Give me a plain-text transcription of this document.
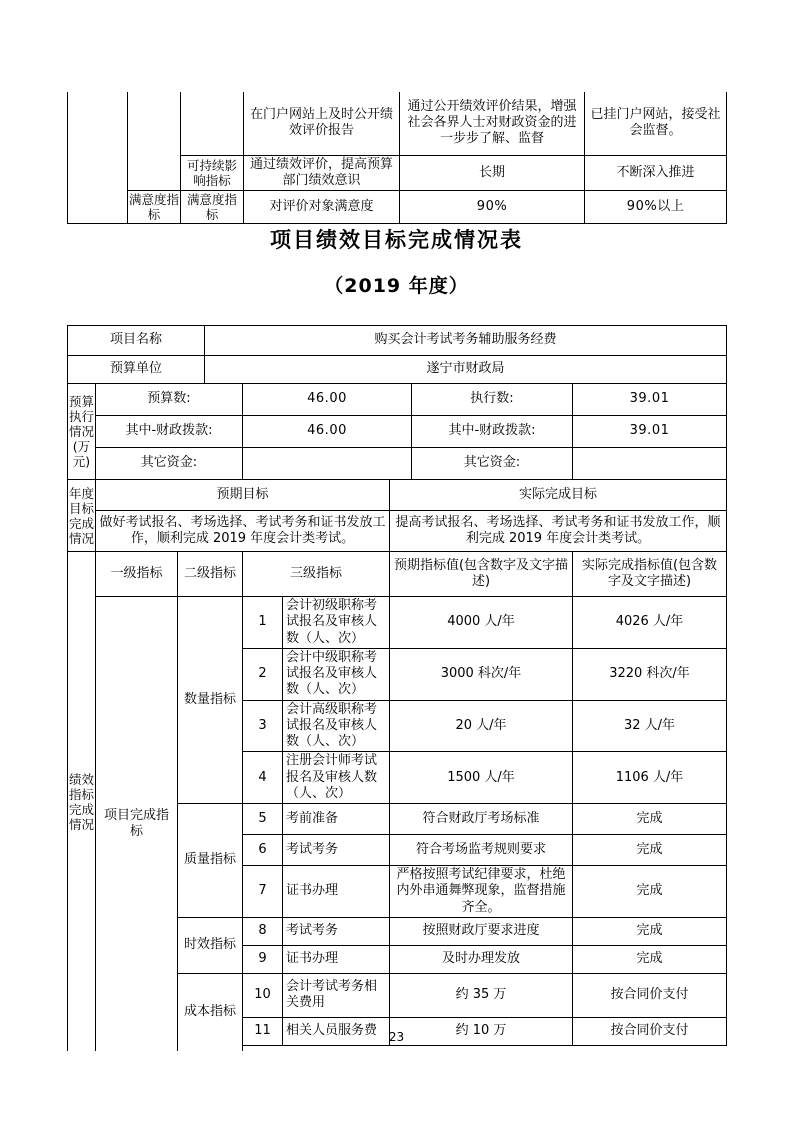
			在门户网站上及时公开绩效评价报告	通过公开绩效评价结果，增强社会各界人士对财政资金的进一步步了解、监督	已挂门户网站，接受社会监督。
		可持续影响指标	通过绩效评价，提高预算部门绩效意识	长期	不断深入推进
	满意度指标	满意度指标	对评价对象满意度	90%	90%以上
项目绩效目标完成情况表
（2019 年度）
项目名称			购买会计考试考务辅助服务经费					
预算单位			遂宁市财政局					
预算执行情况(万元)	预算数:			46.00			执行数:	39.01
	其中-财政拨款:			46.00			其中-财政拨款:	39.01
	其它资金:						其它资金:	
年度目标完成情况	预期目标					实际完成目标		
	做好考试报名、考场选择、考试考务和证书发放工作，顺利完成 2019 年度会计类考试。					提高考试报名、考场选择、考试考务和证书发放工作，顺利完成 2019 年度会计类考试。		
绩效指标完成情况	一级指标	二级指标		三级指标		预期指标值(包含数字及文字描述)		实际完成指标值(包含数字及文字描述)
	项目完成指标	数量指标		1	会计初级职称考试报名及审核人数（人、次）	4000 人/年		4026 人/年
				2	会计中级职称考试报名及审核人数（人、次）	3000 科次/年		3220 科次/年
				3	会计高级职称考试报名及审核人数（人、次）	20 人/年		32 人/年
				4	注册会计师考试报名及审核人数（人、次）	1500 人/年		1106 人/年
		质量指标		5	考前准备	符合财政厅考场标准		完成
				6	考试考务	符合考场监考规则要求		完成
				7	证书办理	严格按照考试纪律要求，杜绝内外串通舞弊现象，监督措施齐全。		完成
		时效指标		8	考试考务	按照财政厅要求进度		完成
				9	证书办理	及时办理发放		完成
		成本指标		10	会计考试考务相关费用	约 35 万		按合同价支付
				11	相关人员服务费	约 10 万		按合同价支付

23
